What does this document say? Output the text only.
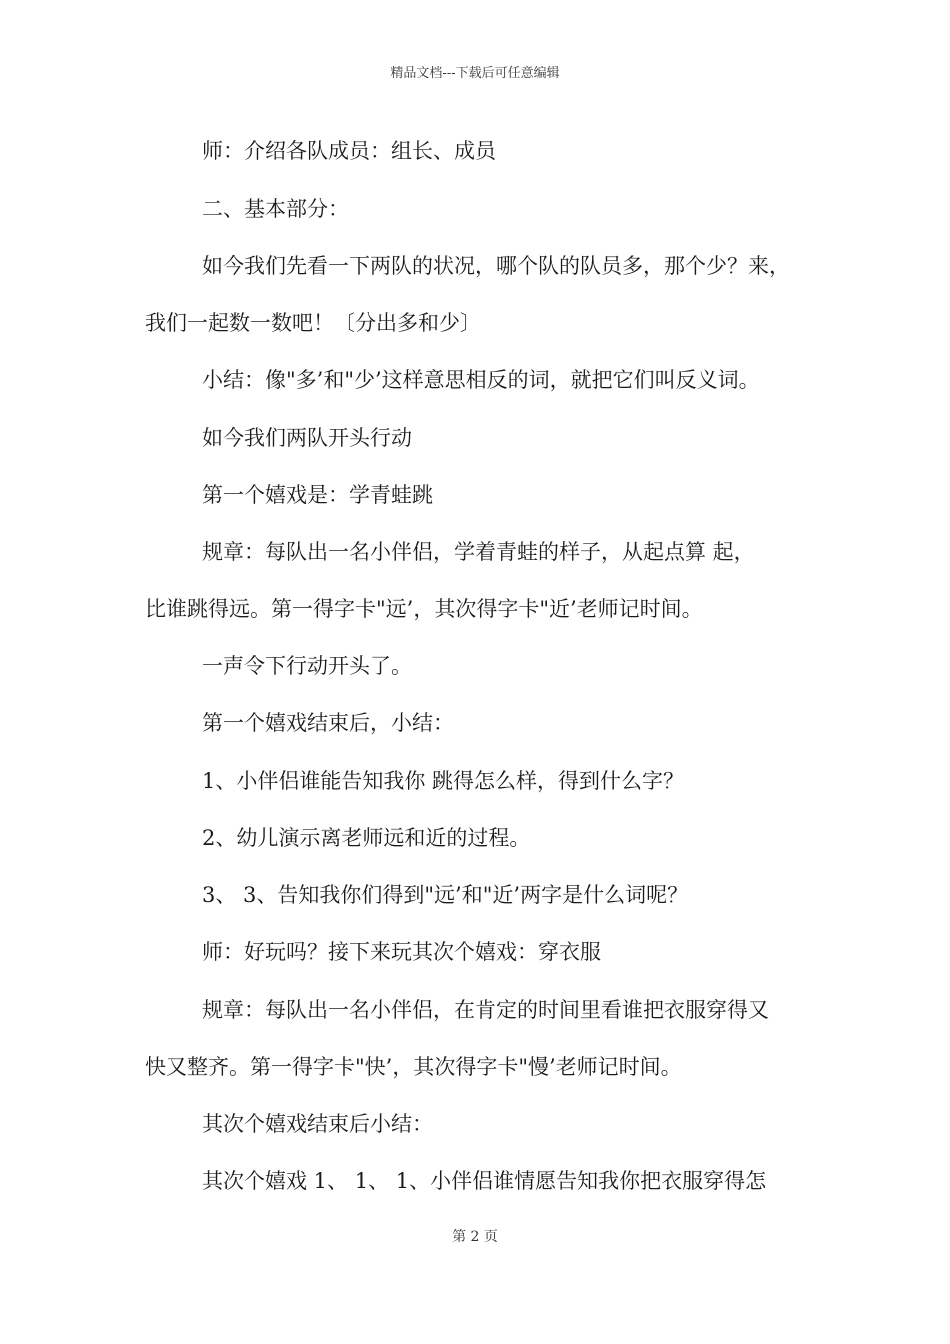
精品文档---下载后可任意编辑
师：介绍各队成员：组长、成员
二、基本部分：
如今我们先看一下两队的状况，哪个队的队员多，那个少？来，
我们一起数一数吧！〔分出多和少〕
小结：像"多’和"少’这样意思相反的词，就把它们叫反义词。
如今我们两队开头行动
第一个嬉戏是：学青蛙跳
规章：每队出一名小伴侣，学着青蛙的样子，从起点算 起，
比谁跳得远。第一得字卡"远’，其次得字卡"近’老师记时间。
一声令下行动开头了。
第一个嬉戏结束后，小结：
1、小伴侣谁能告知我你 跳得怎么样，得到什么字？
2、幼儿演示离老师远和近的过程。
3、 3、告知我你们得到"远’和"近’两字是什么词呢？
师：好玩吗？接下来玩其次个嬉戏：穿衣服
规章：每队出一名小伴侣，在肯定的时间里看谁把衣服穿得又
快又整齐。第一得字卡"快’，其次得字卡"慢’老师记时间。
其次个嬉戏结束后小结：
其次个嬉戏 1、 1、 1、小伴侣谁情愿告知我你把衣服穿得怎
第 2 页
